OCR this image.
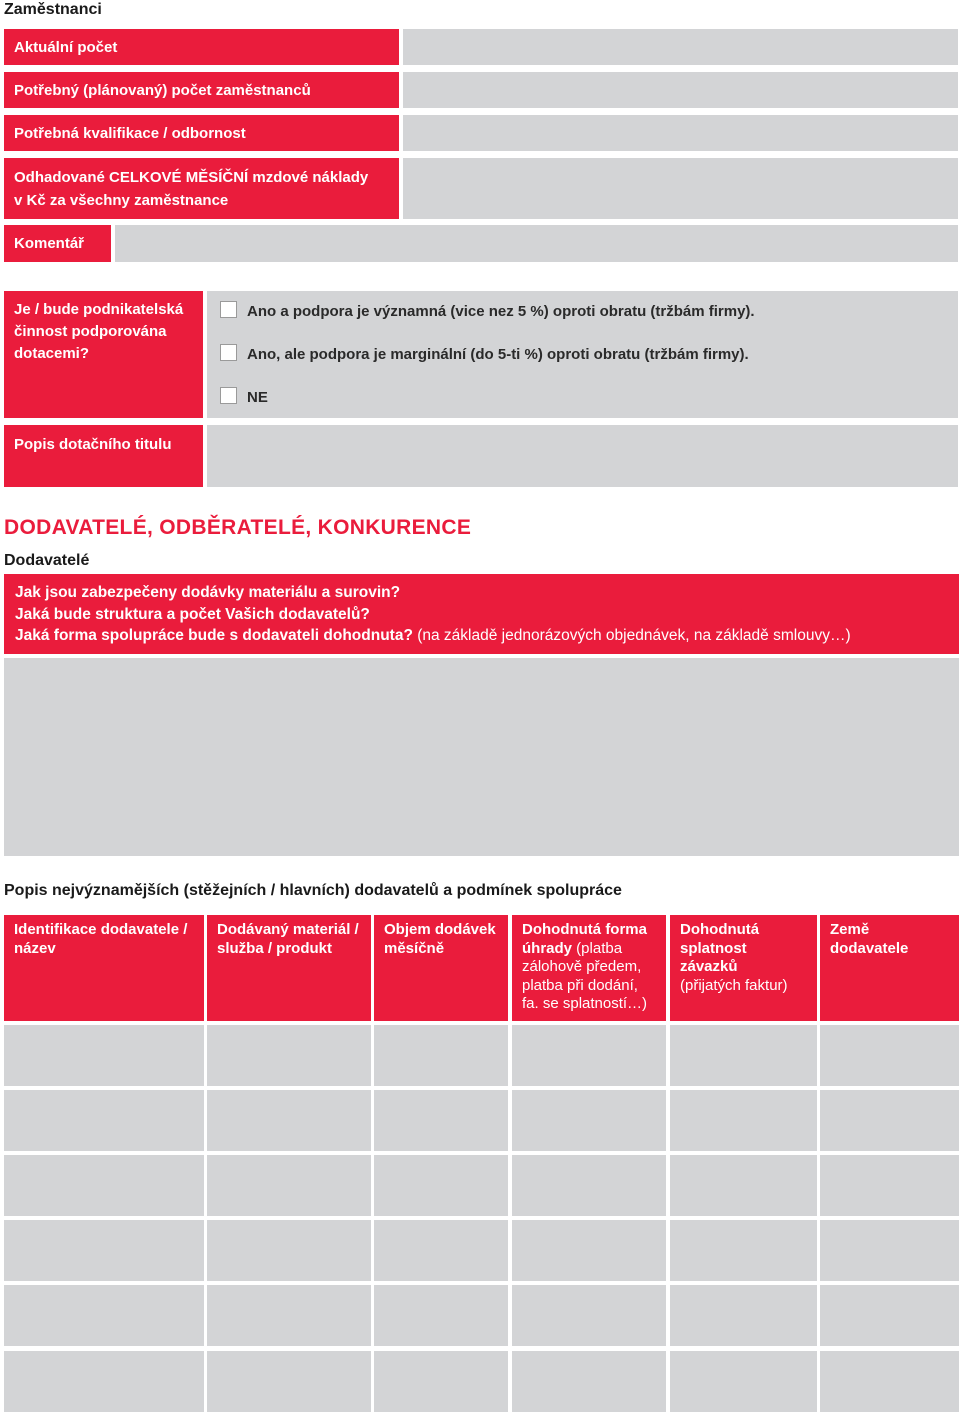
Zaměstnanci
Aktuální počet
Potřebný (plánovaný) počet zaměstnanců
Potřebná kvalifikace / odbornost
Odhadované CELKOVÉ MĚSÍČNÍ mzdové náklady
v Kč za všechny zaměstnance
Komentář
Je / bude podnikatelská
činnost podporována
dotacemi?
Ano a podpora je významná (vice nez 5 %) oproti obratu (tržbám firmy).
Ano, ale podpora je marginální (do 5-ti %) oproti obratu (tržbám firmy).
NE
Popis dotačního titulu
DODAVATELÉ, ODBĚRATELÉ, KONKURENCE
Dodavatelé
Jak jsou zabezpečeny dodávky materiálu a surovin?
Jaká bude struktura a počet Vašich dodavatelů?
Jaká forma spolupráce bude s dodavateli dohodnuta? (na základě jednorázových objednávek, na základě smlouvy…)
Popis nejvýznamějších (stěžejních / hlavních) dodavatelů a podmínek spolupráce
Identifikace dodavatele /
název
Dodávaný materiál /
služba / produkt
Objem dodávek
měsíčně
Dohodnutá forma
úhrady (platba
zálohově předem,
platba při dodání,
fa. se splatností…)
Dohodnutá
splatnost
závazků
(přijatých faktur)
Země
dodavatele
